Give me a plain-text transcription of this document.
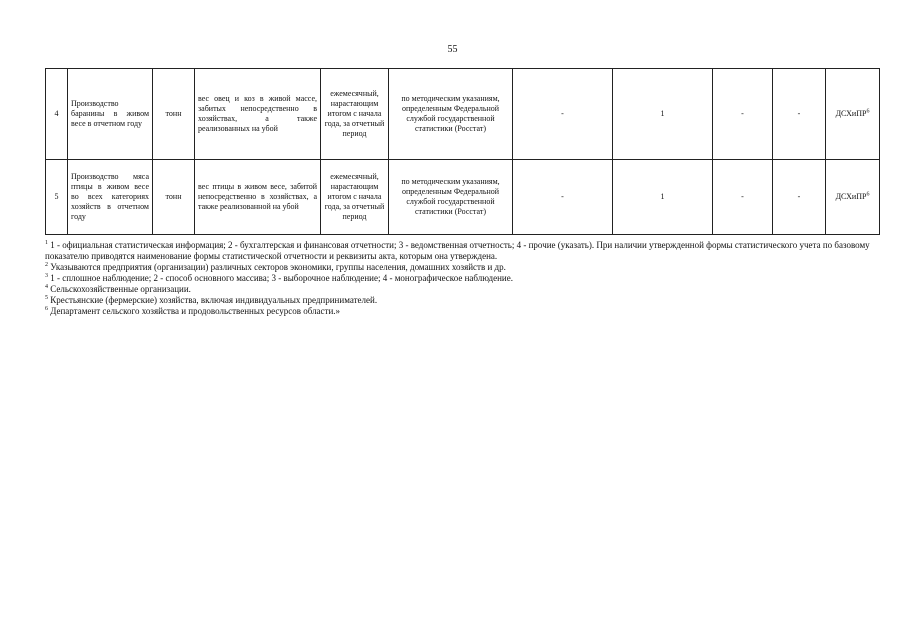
55
4	Производство баранины в живом весе в отчетном году	тонн	вес овец и коз в живой массе, забитых непосредственно в хозяйствах, а также реализованных на убой	ежемесячный, нарастающим итогом с начала года, за отчетный период	по методическим указаниям, определенным Федеральной службой государственной статистики (Росстат)	-	1	-	-	ДСХиПР$^6$
5	Производство мяса птицы в живом весе во всех категориях хозяйств в отчетном году	тонн	вес птицы в живом весе, забитой непосредственно в хозяйствах, а также реализованной на убой	ежемесячный, нарастающим итогом с начала года, за отчетный период	по методическим указаниям, определенным Федеральной службой государственной статистики (Росстат)	-	1	-	-	ДСХиПР$^6$

$^1$ 1 - официальная статистическая информация; 2 - бухгалтерская и финансовая отчетности; 3 - ведомственная отчетность; 4 - прочие (указать). При наличии утвержденной формы статистического учета по базовому показателю приводятся наименование формы статистической отчетности и реквизиты акта, которым она утверждена.

$^2$ Указываются предприятия (организации) различных секторов экономики, группы населения, домашних хозяйств и др.

$^3$ 1 - сплошное наблюдение; 2 - способ основного массива; 3 - выборочное наблюдение; 4 - монографическое наблюдение.

$^4$ Сельскохозяйственные организации.

$^5$ Крестьянские (фермерские) хозяйства, включая индивидуальных предпринимателей.

$^6$ Департамент сельского хозяйства и продовольственных ресурсов области.»
